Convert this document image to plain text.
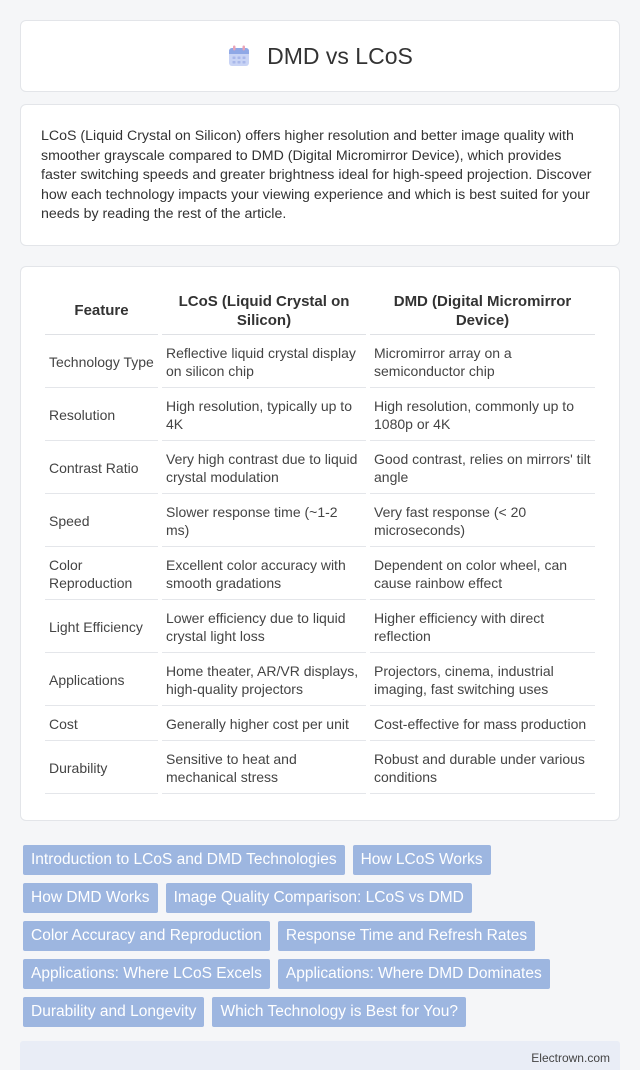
DMD vs LCoS

LCoS (Liquid Crystal on Silicon) offers higher resolution and better image quality with smoother grayscale compared to DMD (Digital Micromirror Device), which provides faster switching speeds and greater brightness ideal for high-speed projection. Discover how each technology impacts your viewing experience and which is best suited for your needs by reading the rest of the article.

Feature	LCoS (Liquid Crystal on Silicon)	DMD (Digital Micromirror Device)
Technology Type	Reflective liquid crystal display on silicon chip	Micromirror array on a semiconductor chip
Resolution	High resolution, typically up to 4K	High resolution, commonly up to 1080p or 4K
Contrast Ratio	Very high contrast due to liquid crystal modulation	Good contrast, relies on mirrors' tilt angle
Speed	Slower response time (~1-2 ms)	Very fast response (< 20 microseconds)
Color Reproduction	Excellent color accuracy with smooth gradations	Dependent on color wheel, can cause rainbow effect
Light Efficiency	Lower efficiency due to liquid crystal light loss	Higher efficiency with direct reflection
Applications	Home theater, AR/VR displays, high-quality projectors	Projectors, cinema, industrial imaging, fast switching uses
Cost	Generally higher cost per unit	Cost-effective for mass production
Durability	Sensitive to heat and mechanical stress	Robust and durable under various conditions
Introduction to LCoS and DMD Technologies	How LCoS Works
How DMD Works	Image Quality Comparison: LCoS vs DMD
Color Accuracy and Reproduction	Response Time and Refresh Rates
Applications: Where LCoS Excels	Applications: Where DMD Dominates
Durability and Longevity	Which Technology is Best for You?
Electrown.com
